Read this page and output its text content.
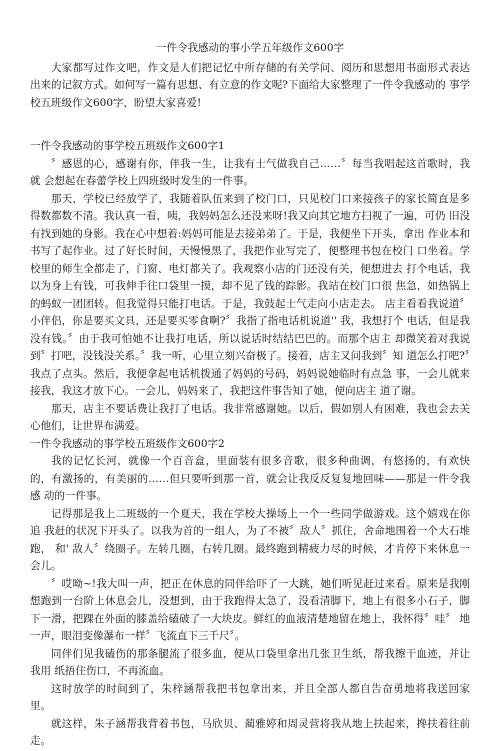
一件令我感动的事小学五年级作文600字

大家都写过作文吧，作文是人们把记忆中所存储的有关学问、阅历和思想用书面形式表达 出来的记叙方式。如何写一篇有思想、有立意的作文呢?下面给大家整理了一件令我感动的 事学校五班级作文600字，盼望大家喜爱!

一件令我感动的事学校五班级作文600字1

〞感恩的心，感谢有你，伴我一生，让我有士气做我自己……〞每当我唱起这首歌时，我就 会想起在春蕾学校上四班级时发生的一件事。

那天，学校已经放学了，我随着队伍来到了校门口，只见校门口来接孩子的家长简直是多 得数都数不清。我认真一看，咦，我妈妈怎么还没来呀!我又向其它地方扫视了一遍，可仍 旧没有找到她的身影。我在心中想着:妈妈可能是去接弟弟了。于是，我便坐下开头，拿出 作业本和书写了起作业。过了好长时间，天慢慢黑了，我把作业写完了，便整理书包在校门 口坐着。学校里的师生全都走了，门窗、电灯都关了。我观察小店的门还没有关，便想进去 打个电话，我以为身上有钱，可我伸手往口袋里一摸，却不见了钱的踪影。我站在校门口很 焦急，如热锅上的蚂蚁一团团转。但我觉得只能打电话。于是，我鼓起士气走向小店走去。 店主看看我说道〞小伴侣，你是要买文具，还是要买零食啊?〞我指了指电话机说道'' 我，我想打个 电话，但是我没有钱。〞由于我可怕她不让我打电话，所以说话时结结巴巴的。而那个店主 却微笑着对我说到〞打吧，没钱没关系。〞我一听，心里立刻兴奋极了。接着，店主又问我到〞知 道怎么打吧?〞我点了点头。然后，我便拿起电话机拨通了妈妈的号码，妈妈说她临时有点急 事，一会儿就来接我，我这才放下心。一会儿，妈妈来了，我把这件事告知了她，便向店主 道了谢。

那天，店主不要话费让我打了电话。我非常感谢她。以后，假如别人有困难，我也会去关 心他们，让世界布满爱。

一件令我感动的事学校五班级作文600字2

我的记忆长河，就像一个百音盒，里面装有很多音歌，很多种曲调，有悠扬的，有欢快的，有激扬的，有美丽的……但只要听到那一首，就会让我反反复复地回味——那是一件令我感 动的一件事。

记得那是我上二班级的一个夏天，我在学校大操场上一个一些同学做游戏。这个嬉戏在你追 我赶的状况下开头了。以我为首的一组人，为了不被〞敌人〞抓住，舍命地围着一个大石堆跑， 和' 敌人〞绕圈子。左转几圈，右转几圈。最终跑到精疲力尽的时候，才肯停下来休息一会儿。

〞哎呦~!我大叫一声，把正在休息的同伴给吓了一大跳，她们听见赶过来看。原来是我刚 想跑到一台阶上休息会儿，没想到，由于我跑得太急了，没看清脚下，地上有很多小石子，脚下一滑，把踝在外面的膝盖给磕破了一大块皮。鲜红的血液清楚地留在地上，我怀得〞哇〞 地一声，眼泪变像瀑布一样〞飞流直下三千尺〞。

同伴们见我磕伤的那条腿流了很多血，便从口袋里拿出几张卫生纸，帮我擦干血迹，并让我用 纸捂住伤口，不再流血。

这时放学的时间到了，朱梓涵帮我把书包拿出来，并且全部人都自告奋勇地将我送回家里。

就这样，朱子涵帮我背着书包，马欣贝、蔺雅婷和周灵营将我从地上扶起来，搀扶着往前 走。
